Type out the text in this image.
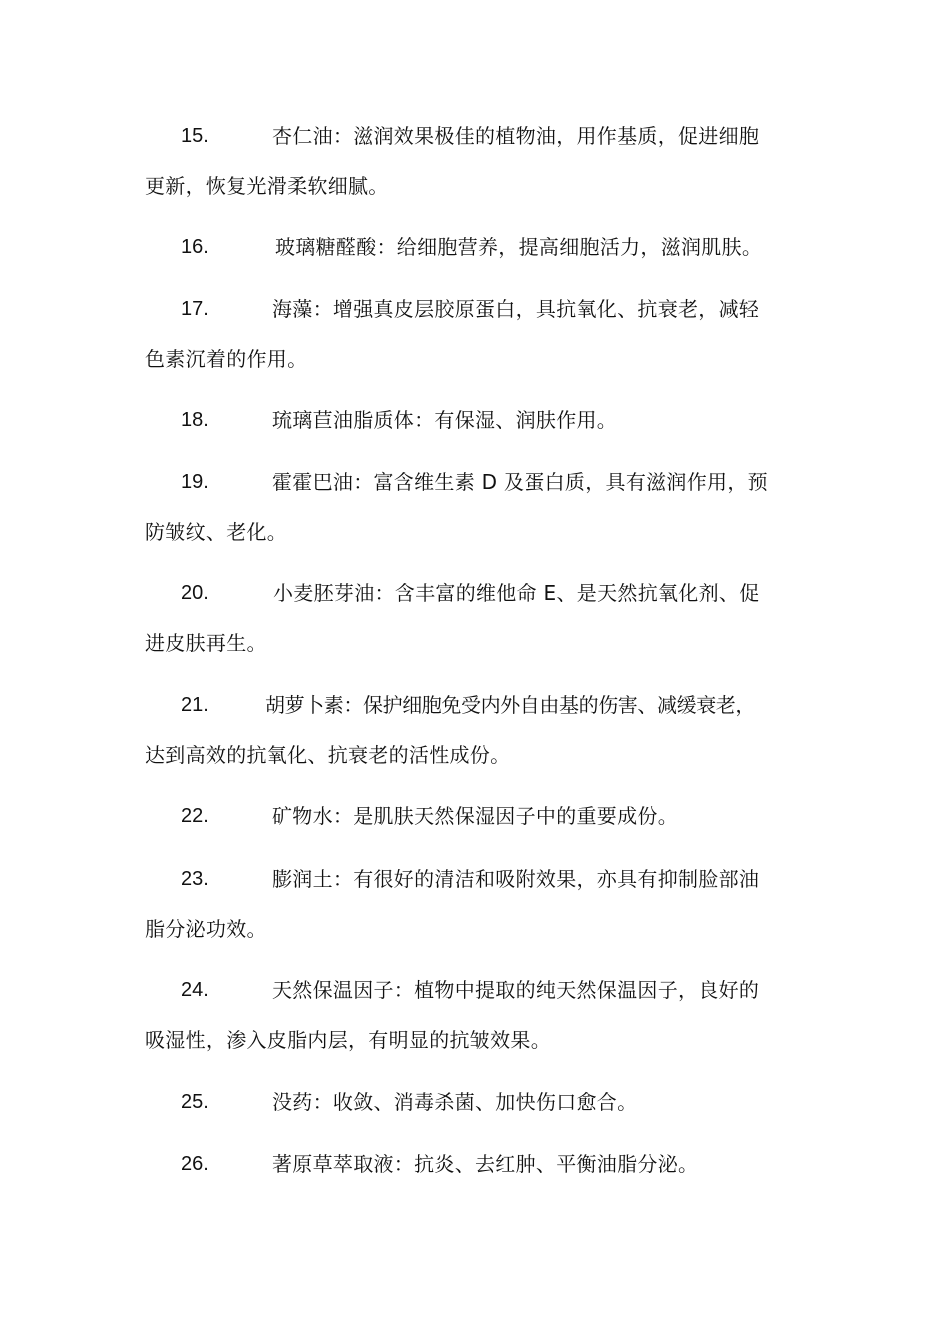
15.	杏仁油：滋润效果极佳的植物油，用作基质，促进细胞
更新，恢复光滑柔软细腻。
16.	玻璃糖醛酸：给细胞营养，提高细胞活力，滋润肌肤。
17.	海藻：增强真皮层胶原蛋白，具抗氧化、抗衰老，减轻
色素沉着的作用。
18.	琉璃苣油脂质体：有保湿、润肤作用。
19.	霍霍巴油：富含维生素 D 及蛋白质，具有滋润作用，预
防皱纹、老化。
20.	小麦胚芽油：含丰富的维他命 E、是天然抗氧化剂、促
进皮肤再生。
21.	胡萝卜素：保护细胞免受内外自由基的伤害、减缓衰老，
达到高效的抗氧化、抗衰老的活性成份。
22.	矿物水：是肌肤天然保湿因子中的重要成份。
23.	膨润土：有很好的清洁和吸附效果，亦具有抑制脸部油
脂分泌功效。
24.	天然保温因子：植物中提取的纯天然保温因子，良好的
吸湿性，渗入皮脂内层，有明显的抗皱效果。
25.	没药：收敛、消毒杀菌、加快伤口愈合。
26.	著原草萃取液：抗炎、去红肿、平衡油脂分泌。
